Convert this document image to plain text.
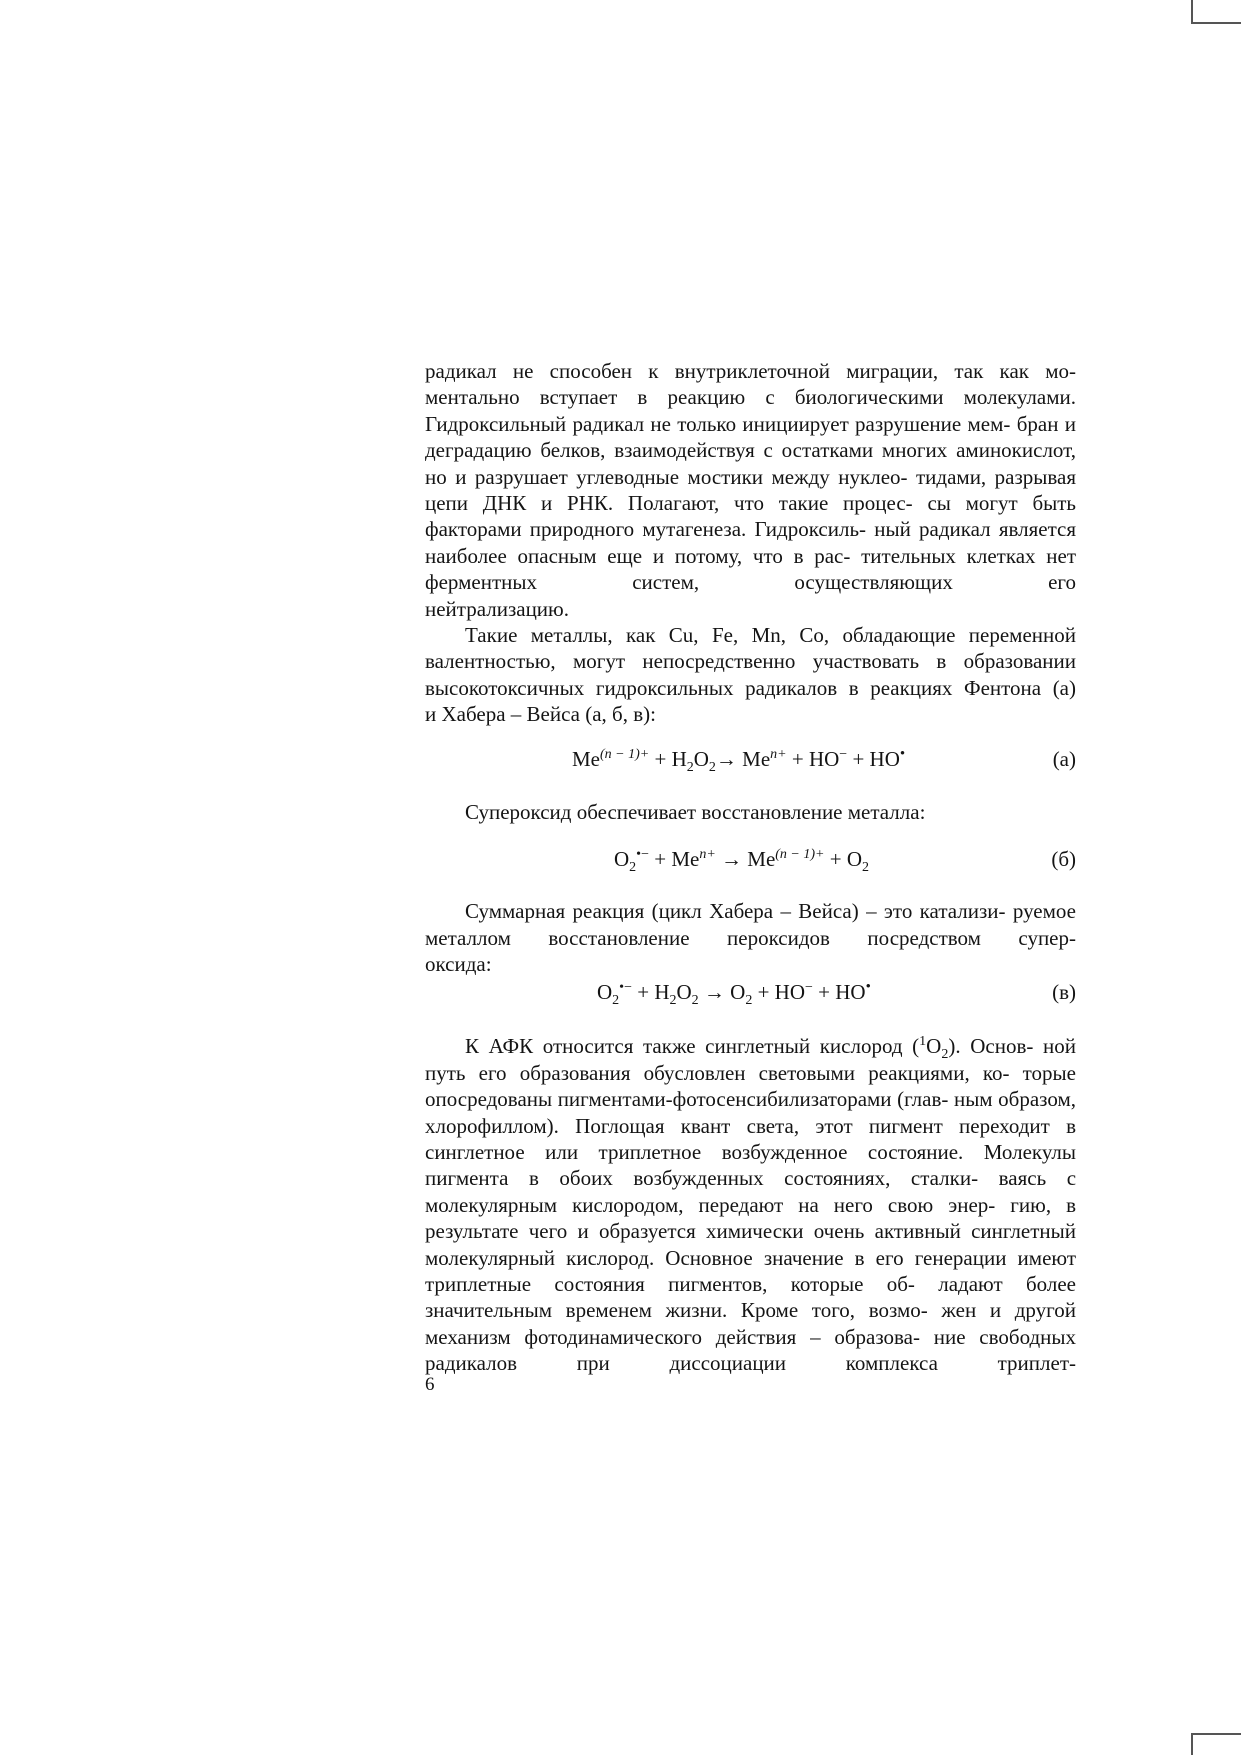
радикал не способен к внутриклеточной миграции, так как мо- ментально вступает в реакцию с биологическими молекулами. Гидроксильный радикал не только инициирует разрушение мем- бран и деградацию белков, взаимодействуя с остатками многих аминокислот, но и разрушает углеводные мостики между нуклео- тидами, разрывая цепи ДНК и РНК. Полагают, что такие процес- сы могут быть факторами природного мутагенеза. Гидроксиль- ный радикал является наиболее опасным еще и потому, что в рас- тительных клетках нет ферментных систем, осуществляющих его
нейтрализацию.
Такие металлы, как Cu, Fe, Mn, Co, обладающие переменной валентностью, могут непосредственно участвовать в образовании высокотоксичных гидроксильных радикалов в реакциях Фентона (а)
и Хабера – Вейса (а, б, в):
$Me^{(n - 1)+} + H_2O_2\to Me^{n+} + HO^- + HO^•$	(а)
Супероксид обеспечивает восстановление металла:
$O_2^{•-} + Me^{n+} \to Me^{(n - 1)+} + O_2$	(б)
Суммарная реакция (цикл Хабера – Вейса) – это катализи- руемое металлом восстановление пероксидов посредством супер-
оксида:
$O_2^{•-} + H_2O_2 \to O_2 + HO^- + HO^•$	(в)
К АФК относится также синглетный кислород $(^1O_2)$. Основ- ной путь его образования обусловлен световыми реакциями, ко- торые опосредованы пигментами-фотосенсибилизаторами (глав- ным образом, хлорофиллом). Поглощая квант света, этот пигмент переходит в синглетное или триплетное возбужденное состояние. Молекулы пигмента в обоих возбужденных состояниях, сталки- ваясь с молекулярным кислородом, передают на него свою энер- гию, в результате чего и образуется химически очень активный синглетный молекулярный кислород. Основное значение в его генерации имеют триплетные состояния пигментов, которые об- ладают более значительным временем жизни. Кроме того, возмо- жен и другой механизм фотодинамического действия – образова- ние свободных радикалов при диссоциации комплекса триплет-
6
